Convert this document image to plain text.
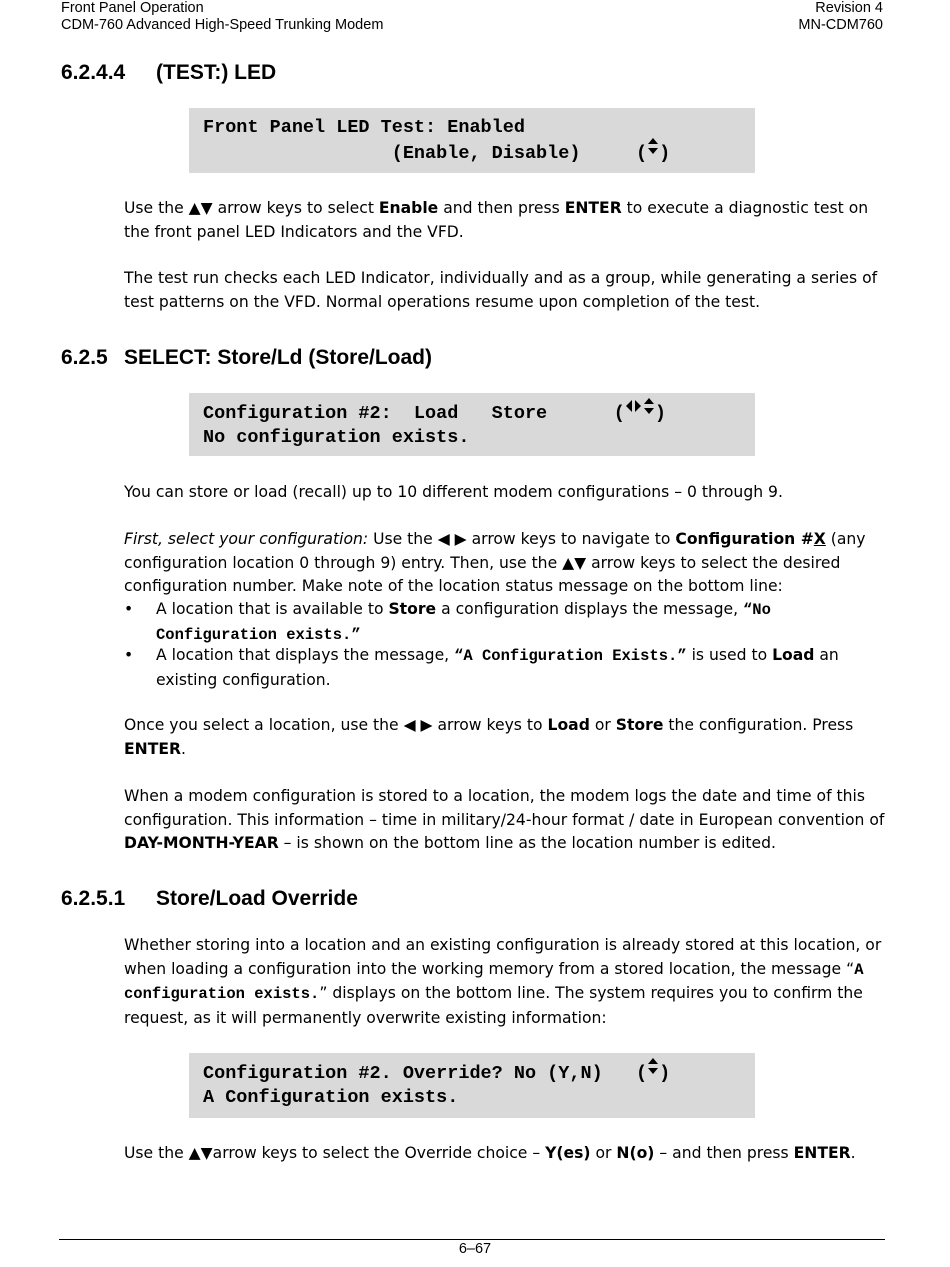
Front Panel Operation	Revision 4
CDM-760 Advanced High-Speed Trunking Modem	MN-CDM760
6.2.4.4 (TEST:) LED
Front Panel LED Test: Enabled
(Enable, Disable)     ( )
Use the ▲▼ arrow keys to select Enable and then press ENTER to execute a diagnostic test on the front panel LED Indicators and the VFD.
The test run checks each LED Indicator, individually and as a group, while generating a series of test patterns on the VFD. Normal operations resume upon completion of the test.
6.2.5 SELECT: Store/Ld (Store/Load)
Configuration #2:  Load   Store      ( )
No configuration exists.
You can store or load (recall) up to 10 different modem configurations – 0 through 9.
First, select your configuration: Use the ◀ ▶ arrow keys to navigate to Configuration #X (any configuration location 0 through 9) entry. Then, use the ▲▼ arrow keys to select the desired configuration number. Make note of the location status message on the bottom line:
• A location that is available to Store a configuration displays the message, “No Configuration exists.”
• A location that displays the message, “A Configuration Exists.” is used to Load an existing configuration.
Once you select a location, use the ◀ ▶ arrow keys to Load or Store the configuration. Press ENTER.
When a modem configuration is stored to a location, the modem logs the date and time of this configuration. This information – time in military/24-hour format / date in European convention of DAY-MONTH-YEAR – is shown on the bottom line as the location number is edited.
6.2.5.1 Store/Load Override
Whether storing into a location and an existing configuration is already stored at this location, or when loading a configuration into the working memory from a stored location, the message “A configuration exists.” displays on the bottom line. The system requires you to confirm the request, as it will permanently overwrite existing information:
Configuration #2. Override? No (Y,N)   ( )
A Configuration exists.
Use the ▲▼arrow keys to select the Override choice – Y(es) or N(o) – and then press ENTER.
6–67
